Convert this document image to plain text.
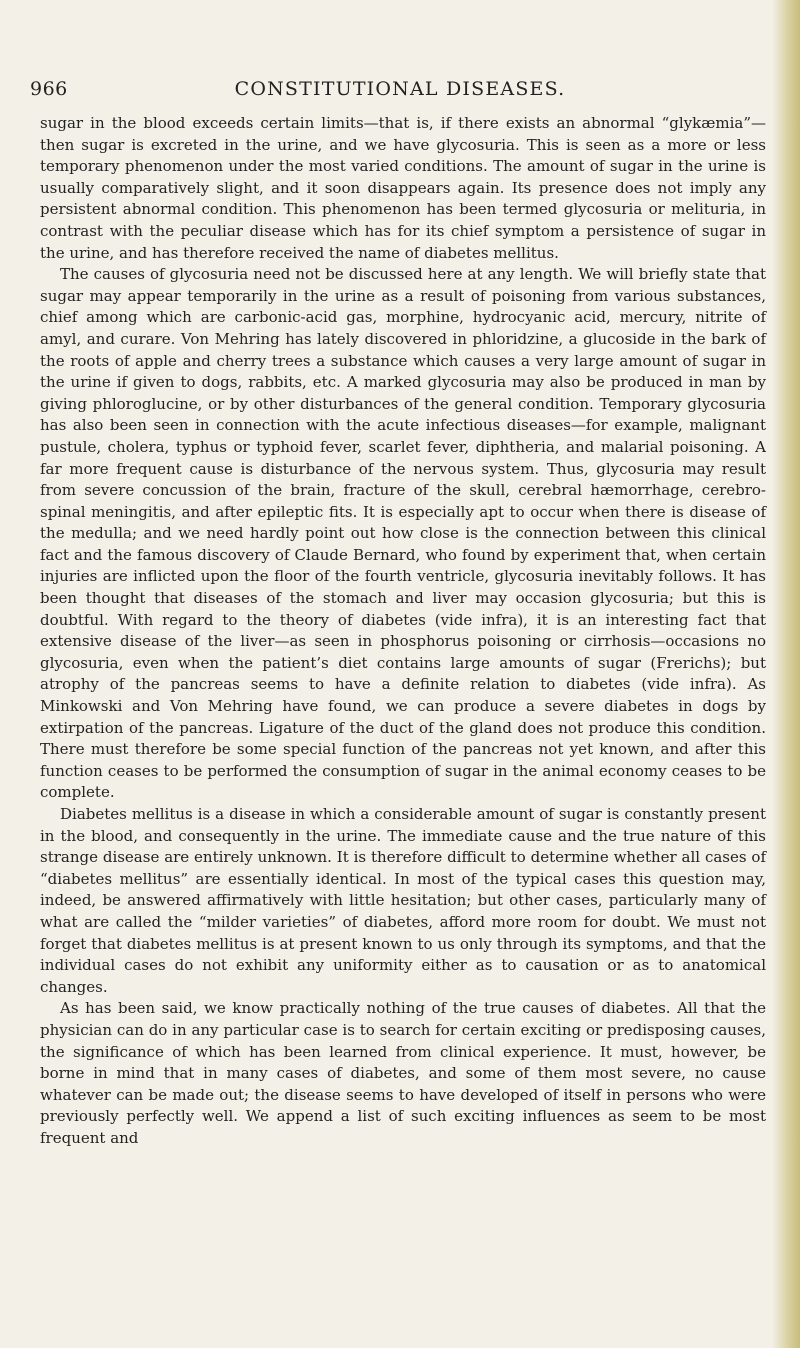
966	CONSTITUTIONAL DISEASES.

sugar in the blood exceeds certain limits—that is, if there exists an abnormal “glykæmia”—then sugar is excreted in the urine, and we have glycosuria. This is seen as a more or less temporary phenomenon under the most varied conditions. The amount of sugar in the urine is usually comparatively slight, and it soon disappears again. Its presence does not imply any persistent abnormal condition. This phenomenon has been termed glycosuria or melituria, in contrast with the peculiar disease which has for its chief symptom a persistence of sugar in the urine, and has therefore received the name of diabetes mellitus.

The causes of glycosuria need not be discussed here at any length. We will briefly state that sugar may appear temporarily in the urine as a result of poisoning from various substances, chief among which are carbonic-acid gas, morphine, hydrocyanic acid, mercury, nitrite of amyl, and curare. Von Mehring has lately discovered in phloridzine, a glucoside in the bark of the roots of apple and cherry trees a substance which causes a very large amount of sugar in the urine if given to dogs, rabbits, etc. A marked glycosuria may also be produced in man by giving phloroglucine, or by other disturbances of the general condition. Temporary glycosuria has also been seen in connection with the acute infectious diseases—for example, malignant pustule, cholera, typhus or typhoid fever, scarlet fever, diphtheria, and malarial poisoning. A far more frequent cause is disturbance of the nervous system. Thus, glycosuria may result from severe concussion of the brain, fracture of the skull, cerebral hæmorrhage, cerebro-spinal meningitis, and after epileptic fits. It is especially apt to occur when there is disease of the medulla; and we need hardly point out how close is the connection between this clinical fact and the famous discovery of Claude Bernard, who found by experiment that, when certain injuries are inflicted upon the floor of the fourth ventricle, glycosuria inevitably follows. It has been thought that diseases of the stomach and liver may occasion glycosuria; but this is doubtful. With regard to the theory of diabetes (vide infra), it is an interesting fact that extensive disease of the liver—as seen in phosphorus poisoning or cirrhosis—occasions no glycosuria, even when the patient’s diet contains large amounts of sugar (Frerichs); but atrophy of the pancreas seems to have a definite relation to diabetes (vide infra). As Minkowski and Von Mehring have found, we can produce a severe diabetes in dogs by extirpation of the pancreas. Ligature of the duct of the gland does not produce this condition. There must therefore be some special function of the pancreas not yet known, and after this function ceases to be performed the consumption of sugar in the animal economy ceases to be complete.

Diabetes mellitus is a disease in which a considerable amount of sugar is constantly present in the blood, and consequently in the urine. The immediate cause and the true nature of this strange disease are entirely unknown. It is therefore difficult to determine whether all cases of “diabetes mellitus” are essentially identical. In most of the typical cases this question may, indeed, be answered affirmatively with little hesitation; but other cases, particularly many of what are called the “milder varieties” of diabetes, afford more room for doubt. We must not forget that diabetes mellitus is at present known to us only through its symptoms, and that the individual cases do not exhibit any uniformity either as to causation or as to anatomical changes.

As has been said, we know practically nothing of the true causes of diabetes. All that the physician can do in any particular case is to search for certain exciting or predisposing causes, the significance of which has been learned from clinical experience. It must, however, be borne in mind that in many cases of diabetes, and some of them most severe, no cause whatever can be made out; the disease seems to have developed of itself in persons who were previously perfectly well. We append a list of such exciting influences as seem to be most frequent and
